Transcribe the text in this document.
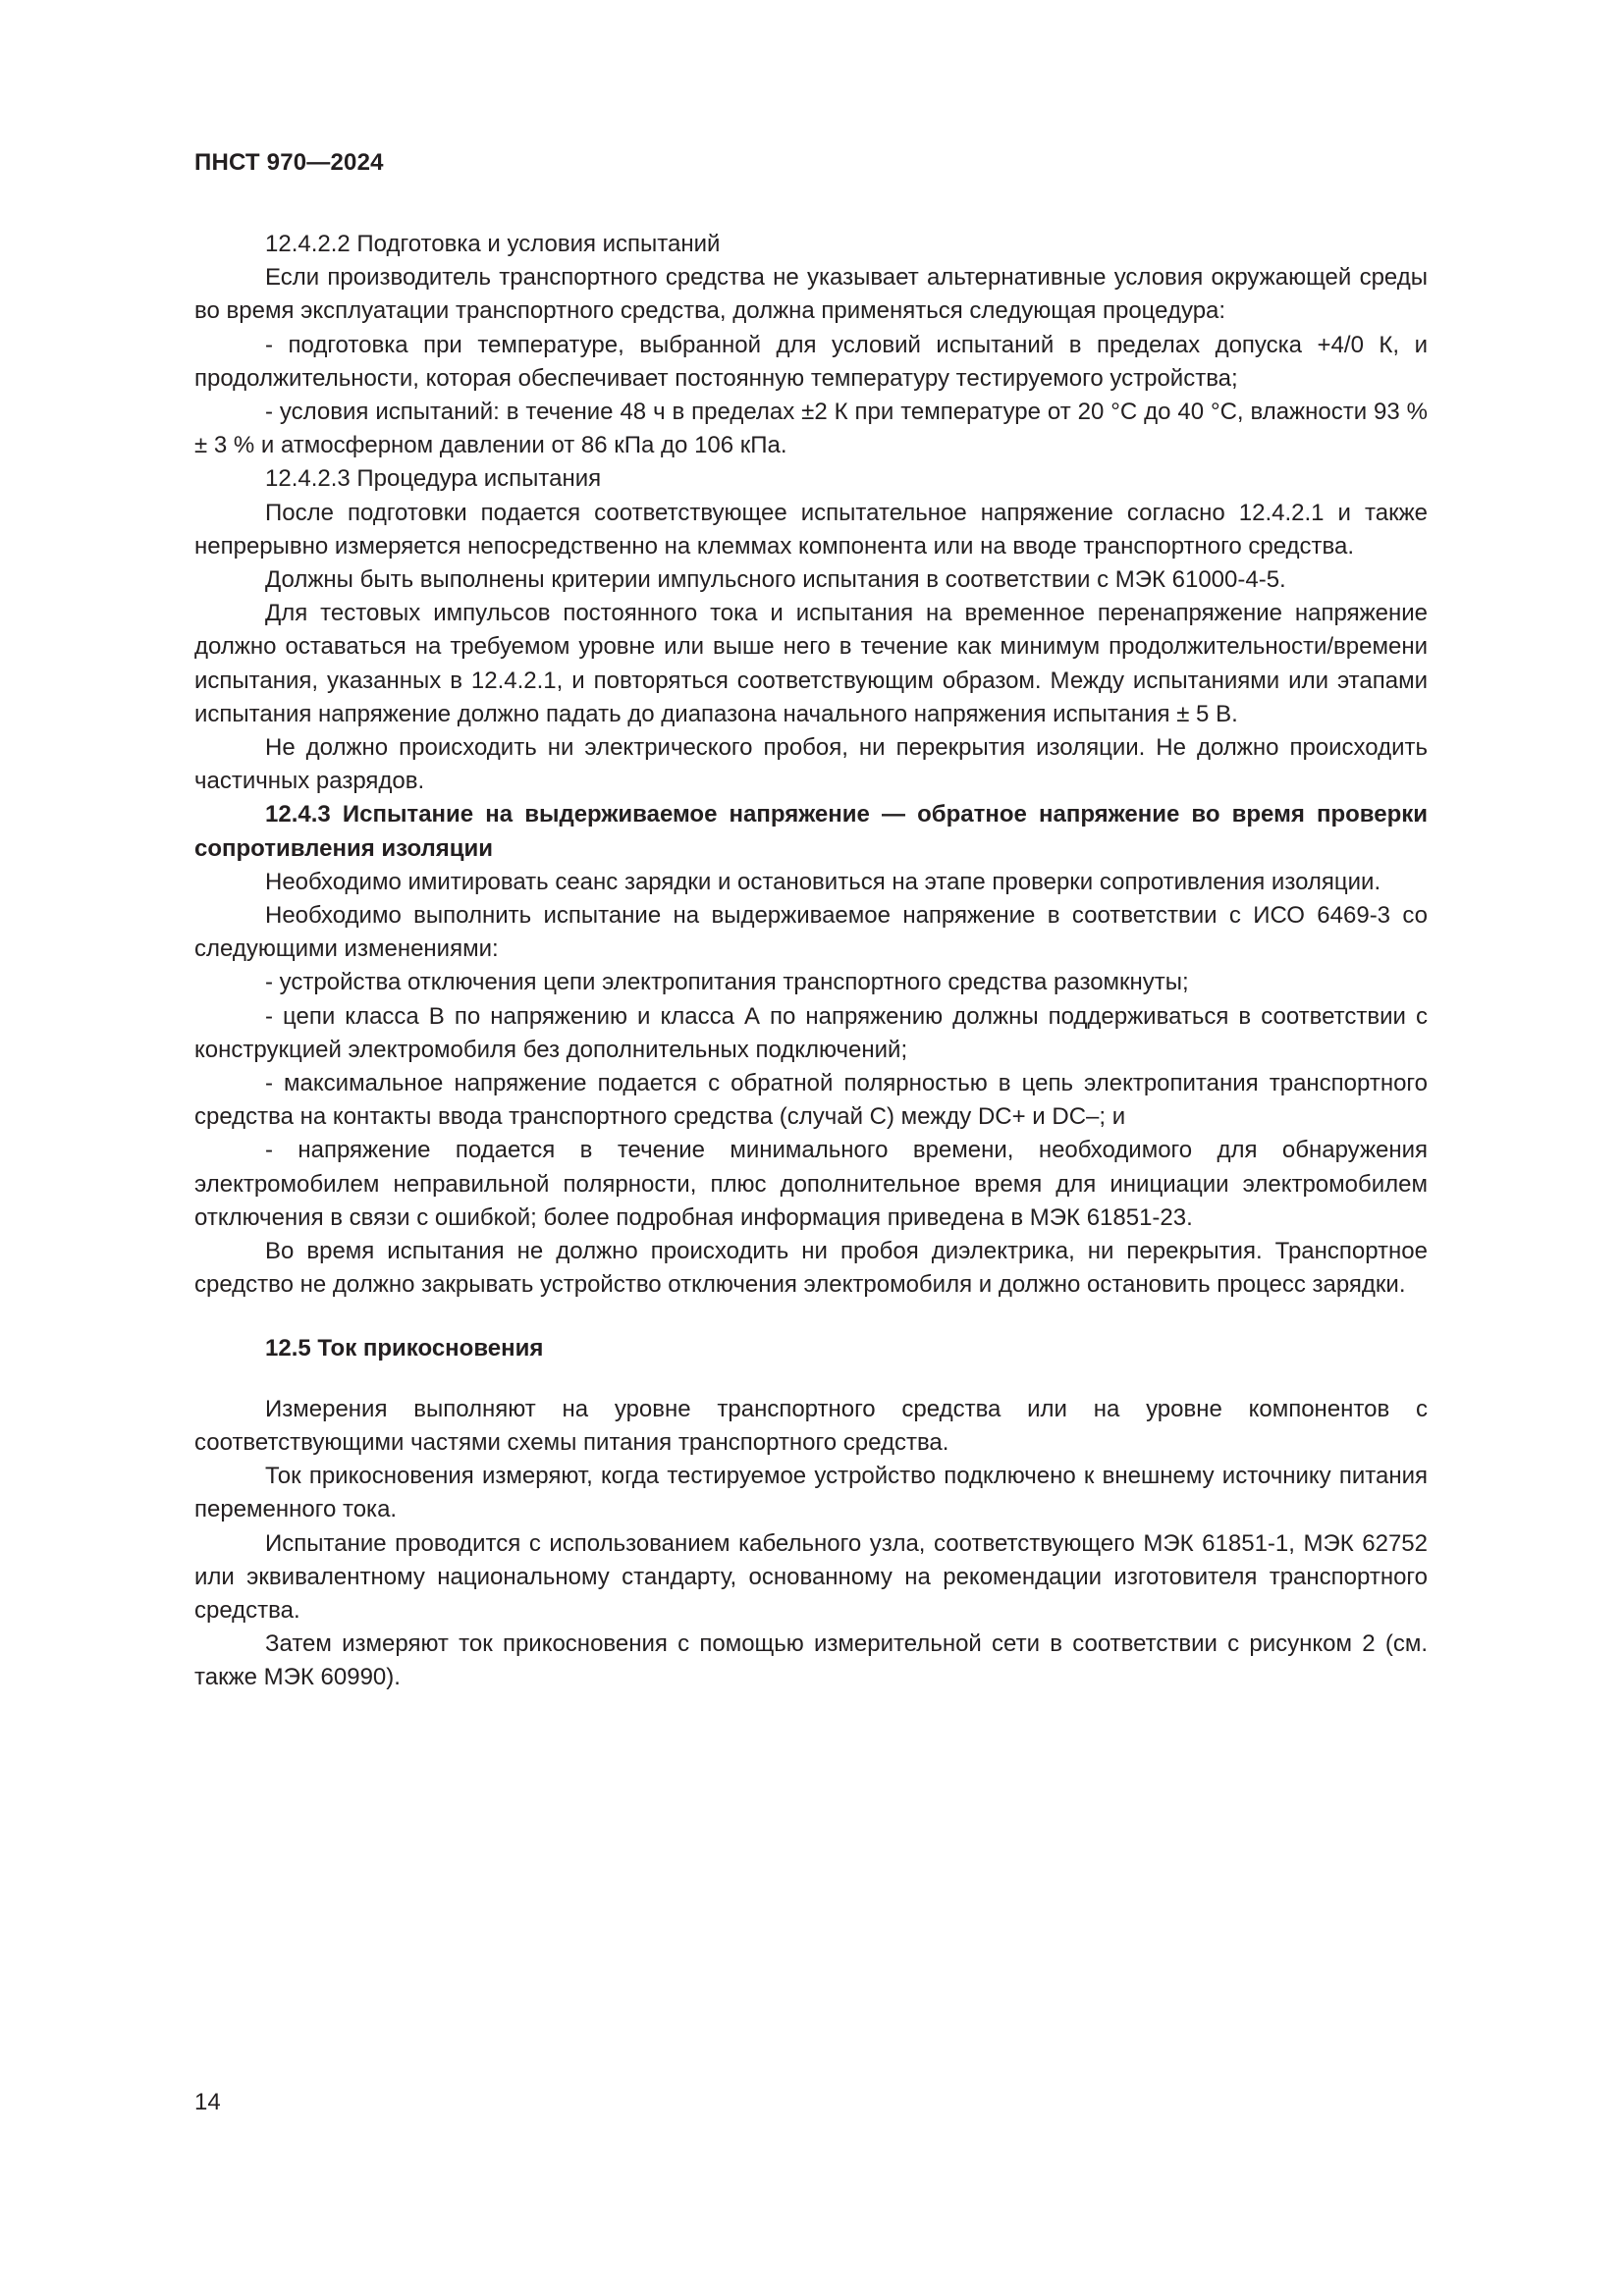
ПНСТ 970—2024

12.4.2.2 Подготовка и условия испытаний

Если производитель транспортного средства не указывает альтернативные условия окружающей среды во время эксплуатации транспортного средства, должна применяться следующая процедура:

- подготовка при температуре, выбранной для условий испытаний в пределах допуска +4/0 К, и продолжительности, которая обеспечивает постоянную температуру тестируемого устройства;

- условия испытаний: в течение 48 ч в пределах ±2 К при температуре от 20 °С до 40 °С, влажности 93 % ± 3 % и атмосферном давлении от 86 кПа до 106 кПа.

12.4.2.3 Процедура испытания

После подготовки подается соответствующее испытательное напряжение согласно 12.4.2.1 и также непрерывно измеряется непосредственно на клеммах компонента или на вводе транспортного средства.

Должны быть выполнены критерии импульсного испытания в соответствии с МЭК 61000-4-5.

Для тестовых импульсов постоянного тока и испытания на временное перенапряжение напряжение должно оставаться на требуемом уровне или выше него в течение как минимум продолжительности/времени испытания, указанных в 12.4.2.1, и повторяться соответствующим образом. Между испытаниями или этапами испытания напряжение должно падать до диапазона начального напряжения испытания ± 5 В.

Не должно происходить ни электрического пробоя, ни перекрытия изоляции. Не должно происходить частичных разрядов.

12.4.3 Испытание на выдерживаемое напряжение — обратное напряжение во время проверки сопротивления изоляции

Необходимо имитировать сеанс зарядки и остановиться на этапе проверки сопротивления изоляции.

Необходимо выполнить испытание на выдерживаемое напряжение в соответствии с ИСО 6469-3 со следующими изменениями:

- устройства отключения цепи электропитания транспортного средства разомкнуты;

- цепи класса В по напряжению и класса А по напряжению должны поддерживаться в соответствии с конструкцией электромобиля без дополнительных подключений;

- максимальное напряжение подается с обратной полярностью в цепь электропитания транспортного средства на контакты ввода транспортного средства (случай С) между DC+ и DC–; и

- напряжение подается в течение минимального времени, необходимого для обнаружения электромобилем неправильной полярности, плюс дополнительное время для инициации электромобилем отключения в связи с ошибкой; более подробная информация приведена в МЭК 61851-23.

Во время испытания не должно происходить ни пробоя диэлектрика, ни перекрытия. Транспортное средство не должно закрывать устройство отключения электромобиля и должно остановить процесс зарядки.

12.5 Ток прикосновения

Измерения выполняют на уровне транспортного средства или на уровне компонентов с соответствующими частями схемы питания транспортного средства.

Ток прикосновения измеряют, когда тестируемое устройство подключено к внешнему источнику питания переменного тока.

Испытание проводится с использованием кабельного узла, соответствующего МЭК 61851-1, МЭК 62752 или эквивалентному национальному стандарту, основанному на рекомендации изготовителя транспортного средства.

Затем измеряют ток прикосновения с помощью измерительной сети в соответствии с рисунком 2 (см. также МЭК 60990).

14
